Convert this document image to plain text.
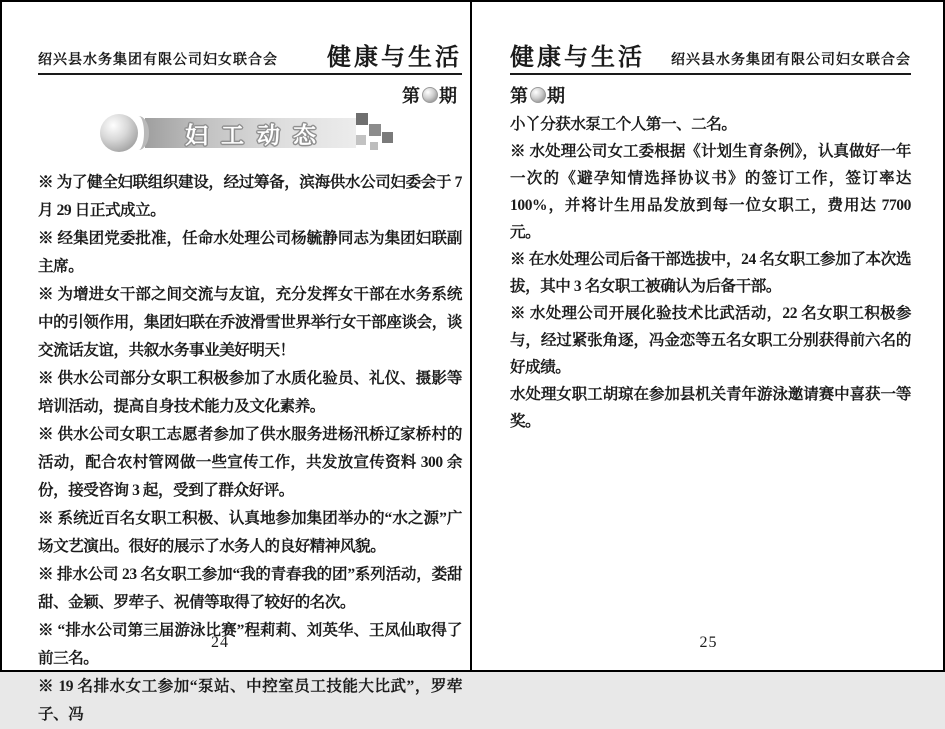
绍兴县水务集团有限公司妇女联合会 健康与生活
第 期
妇工动态

※ 为了健全妇联组织建设，经过筹备，滨海供水公司妇委会于 7 月 29 日正式成立。

※ 经集团党委批准，任命水处理公司杨毓静同志为集团妇联副主席。

※ 为增进女干部之间交流与友谊，充分发挥女干部在水务系统中的引领作用，集团妇联在乔波滑雪世界举行女干部座谈会，谈交流话友谊，共叙水务事业美好明天！

※ 供水公司部分女职工积极参加了水质化验员、礼仪、摄影等培训活动，提高自身技术能力及文化素养。

※ 供水公司女职工志愿者参加了供水服务进杨汛桥辽家桥村的活动，配合农村管网做一些宣传工作，共发放宣传资料 300 余份，接受咨询 3 起，受到了群众好评。

※ 系统近百名女职工积极、认真地参加集团举办的“水之源”广场文艺演出。很好的展示了水务人的良好精神风貌。

※ 排水公司 23 名女职工参加“我的青春我的团”系列活动，娄甜甜、金颖、罗荦子、祝倩等取得了较好的名次。

※ “排水公司第三届游泳比赛”程莉莉、刘英华、王凤仙取得了前三名。

※ 19 名排水女工参加“泵站、中控室员工技能大比武”，罗荦子、冯

24
健康与生活 绍兴县水务集团有限公司妇女联合会
第 期

小丫分获水泵工个人第一、二名。

※ 水处理公司女工委根据《计划生育条例》，认真做好一年一次的《避孕知情选择协议书》的签订工作，签订率达 100%，并将计生用品发放到每一位女职工，费用达 7700 元。

※ 在水处理公司后备干部选拔中，24 名女职工参加了本次选拔，其中 3 名女职工被确认为后备干部。

※ 水处理公司开展化验技术比武活动，22 名女职工积极参与，经过紧张角逐，冯金恋等五名女职工分别获得前六名的好成绩。

水处理女职工胡琼在参加县机关青年游泳邀请赛中喜获一等奖。

25
